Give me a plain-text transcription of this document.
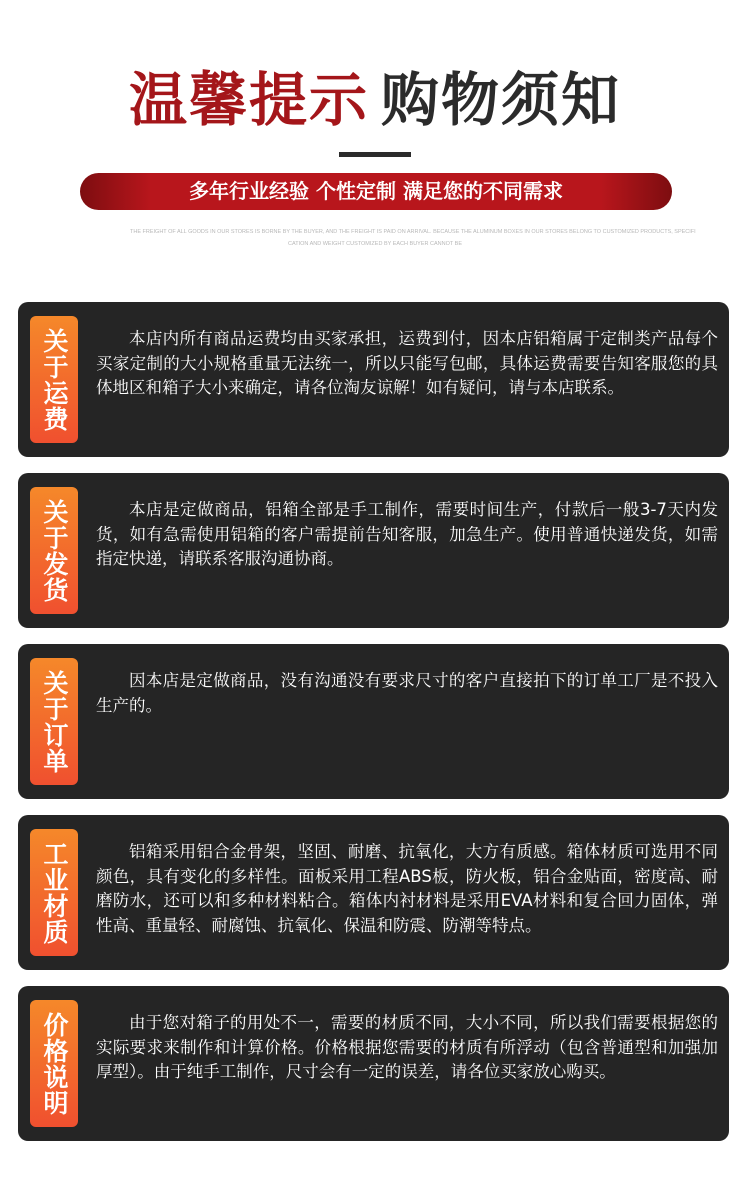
温馨提示 购物须知
多年行业经验 个性定制 满足您的不同需求
THE FREIGHT OF ALL GOODS IN OUR STORES IS BORNE BY THE BUYER, AND THE FREIGHT IS PAID ON ARRIVAL. BECAUSE THE ALUMINUM BOXES IN OUR STORES BELONG TO CUSTOMIZED PRODUCTS, SPECIFI
CATION AND WEIGHT CUSTOMIZED BY EACH BUYER CANNOT BE
关于运费	本店内所有商品运费均由买家承担，运费到付，因本店铝箱属于定制类产品每个买家定制的大小规格重量无法统一，所以只能写包邮，具体运费需要告知客服您的具体地区和箱子大小来确定，请各位淘友谅解！如有疑问，请与本店联系。
关于发货	本店是定做商品，铝箱全部是手工制作，需要时间生产，付款后一般3-7天内发货，如有急需使用铝箱的客户需提前告知客服，加急生产。使用普通快递发货，如需指定快递，请联系客服沟通协商。
关于订单	因本店是定做商品，没有沟通没有要求尺寸的客户直接拍下的订单工厂是不投入生产的。
工业材质	铝箱采用铝合金骨架，坚固、耐磨、抗氧化，大方有质感。箱体材质可选用不同颜色，具有变化的多样性。面板采用工程ABS板，防火板，铝合金贴面，密度高、耐磨防水，还可以和多种材料粘合。箱体内衬材料是采用EVA材料和复合回力固体，弹性高、重量轻、耐腐蚀、抗氧化、保温和防震、防潮等特点。
价格说明	由于您对箱子的用处不一，需要的材质不同，大小不同，所以我们需要根据您的实际要求来制作和计算价格。价格根据您需要的材质有所浮动（包含普通型和加强加厚型）。由于纯手工制作，尺寸会有一定的误差，请各位买家放心购买。
